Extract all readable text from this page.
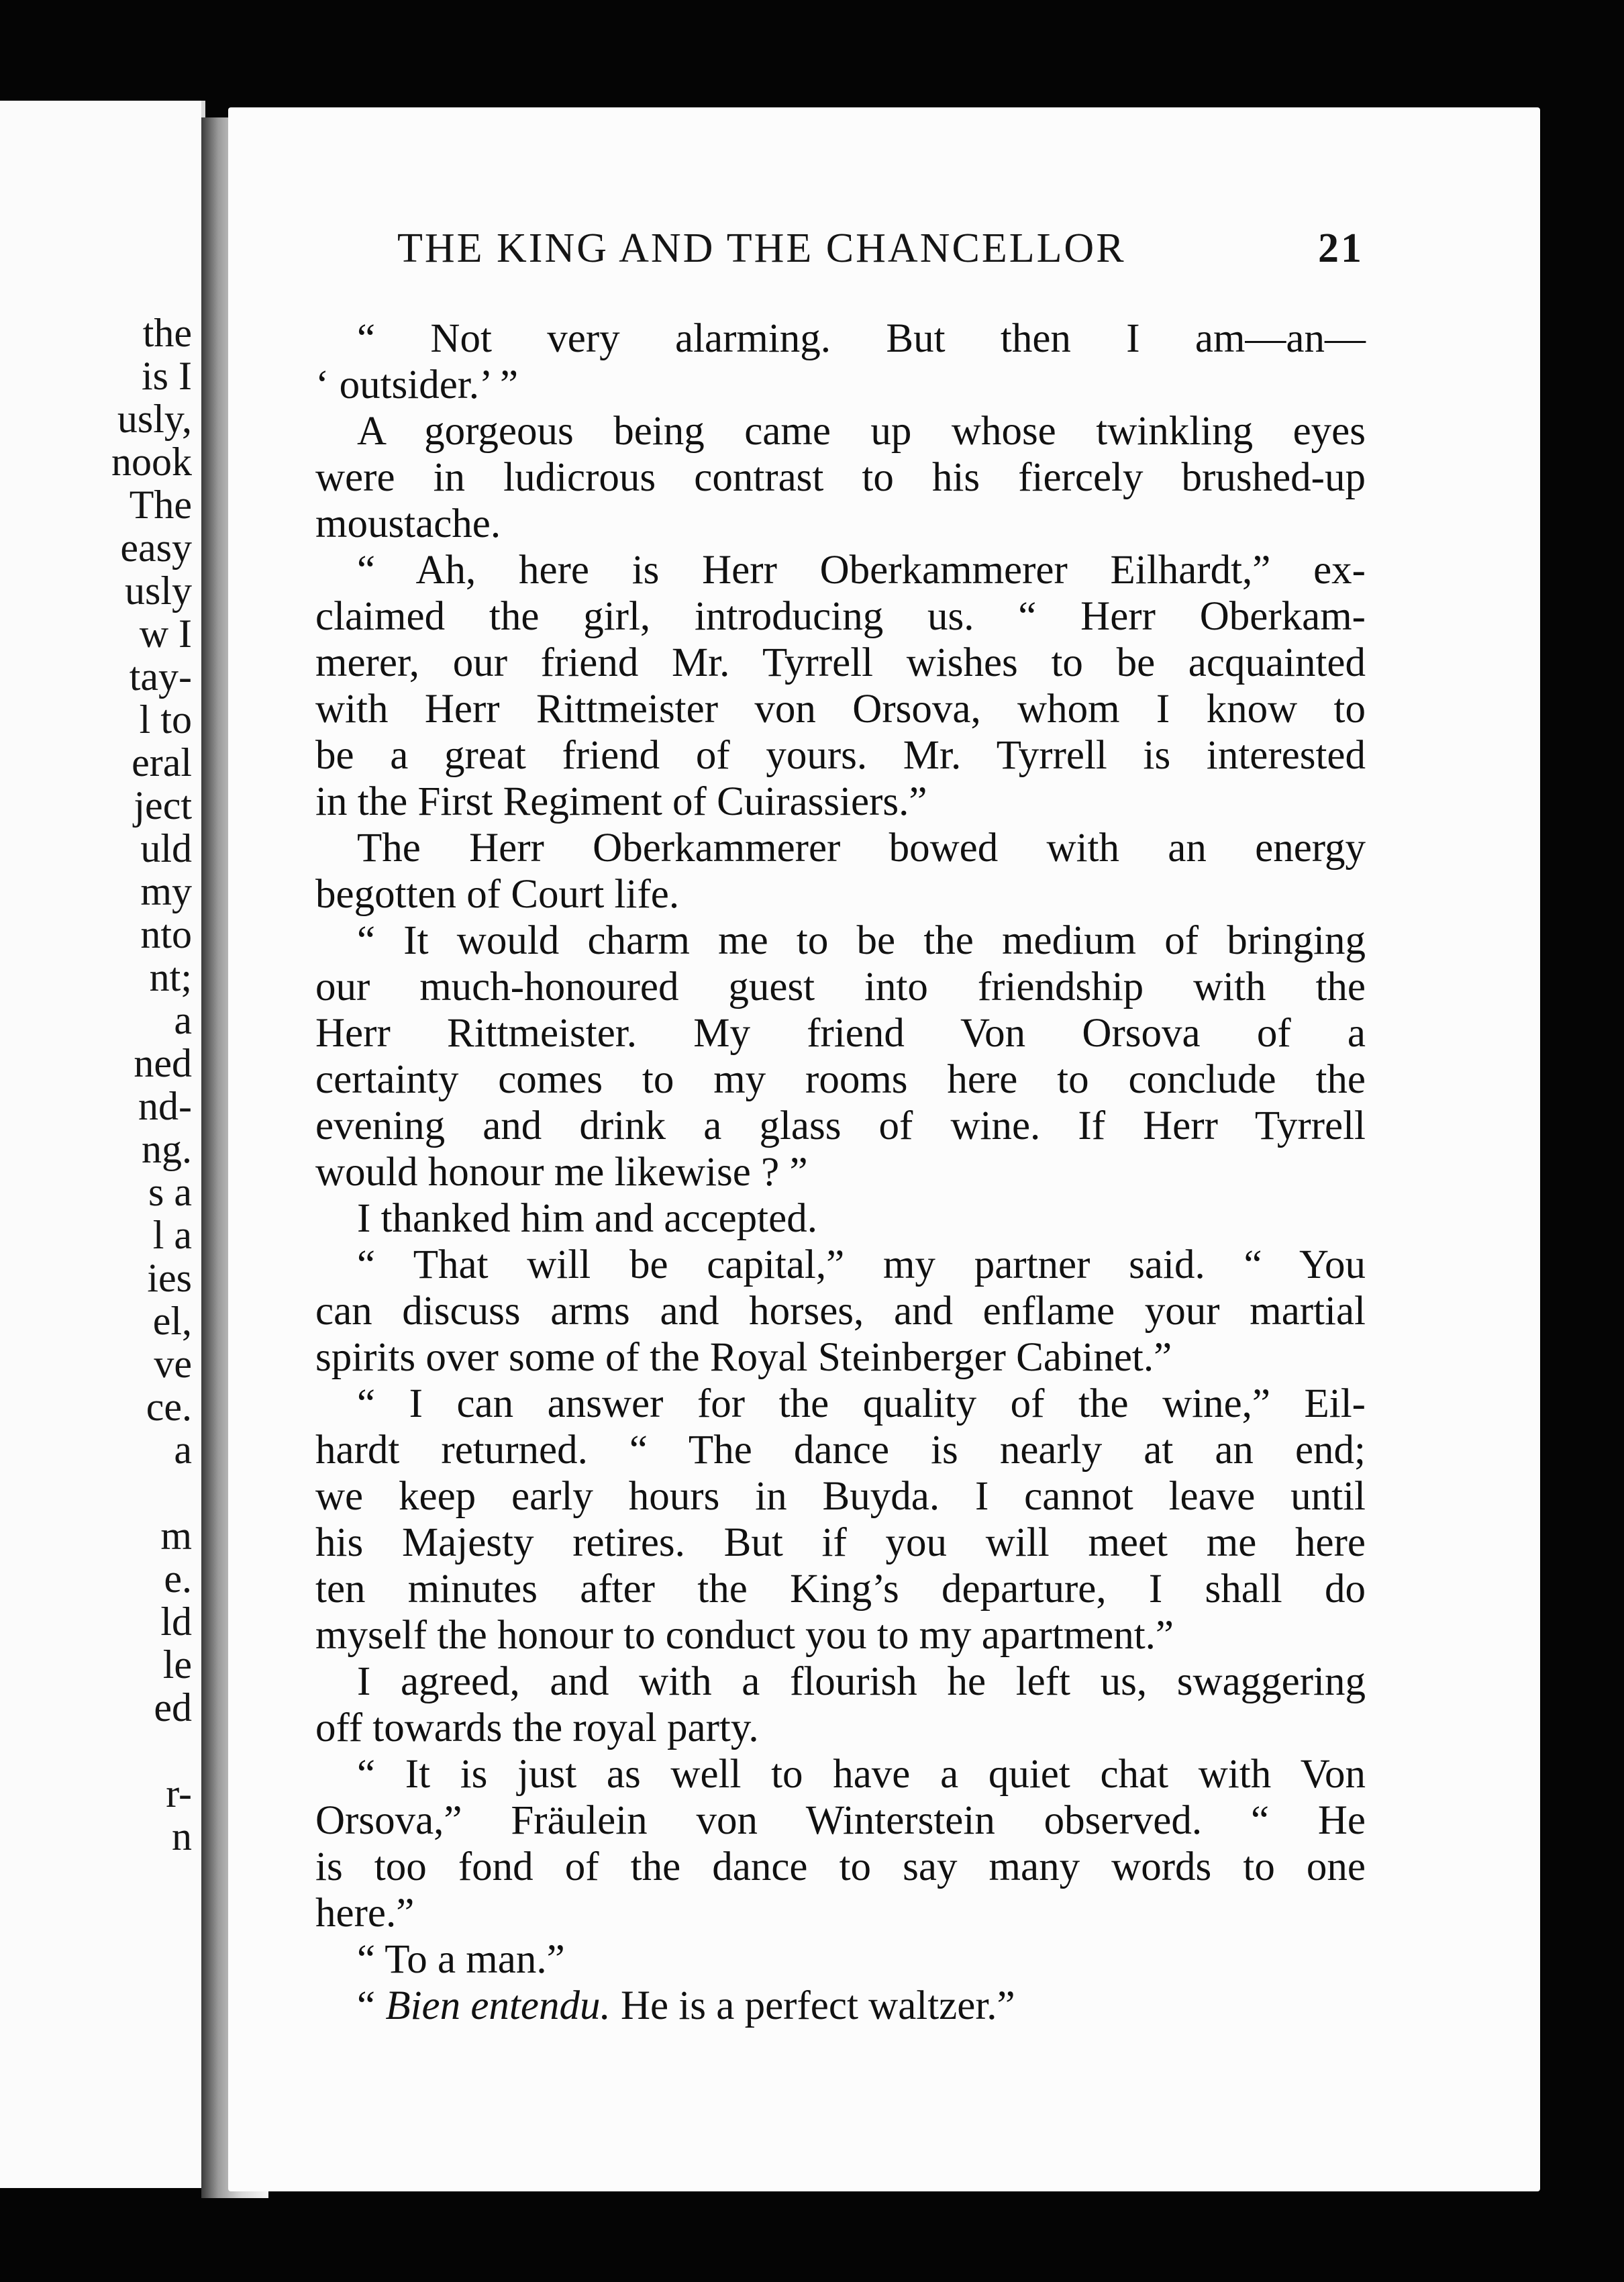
the
is I
usly,
nook
The
easy
usly
w I
tay-
l to
eral
ject
uld
my
nto
nt;
a
ned
nd-
ng.
s a
l a
ies
el,
ve
ce.
a
m
e.
ld
le
ed
r-
n
THE KING AND THE CHANCELLOR	21
“ Not very alarming. But then I am—an—
‘ outsider.’ ”
A gorgeous being came up whose twinkling eyes
were in ludicrous contrast to his fiercely brushed-up
moustache.
“ Ah, here is Herr Oberkammerer Eilhardt,” ex-
claimed the girl, introducing us. “ Herr Oberkam-
merer, our friend Mr. Tyrrell wishes to be acquainted
with Herr Rittmeister von Orsova, whom I know to
be a great friend of yours. Mr. Tyrrell is interested
in the First Regiment of Cuirassiers.”
The Herr Oberkammerer bowed with an energy
begotten of Court life.
“ It would charm me to be the medium of bringing
our much-honoured guest into friendship with the
Herr Rittmeister. My friend Von Orsova of a
certainty comes to my rooms here to conclude the
evening and drink a glass of wine. If Herr Tyrrell
would honour me likewise ? ”
I thanked him and accepted.
“ That will be capital,” my partner said. “ You
can discuss arms and horses, and enflame your martial
spirits over some of the Royal Steinberger Cabinet.”
“ I can answer for the quality of the wine,” Eil-
hardt returned. “ The dance is nearly at an end;
we keep early hours in Buyda. I cannot leave until
his Majesty retires. But if you will meet me here
ten minutes after the King’s departure, I shall do
myself the honour to conduct you to my apartment.”
I agreed, and with a flourish he left us, swaggering
off towards the royal party.
“ It is just as well to have a quiet chat with Von
Orsova,” Fräulein von Winterstein observed. “ He
is too fond of the dance to say many words to one
here.”
“ To a man.”
“ Bien entendu. He is a perfect waltzer.”
